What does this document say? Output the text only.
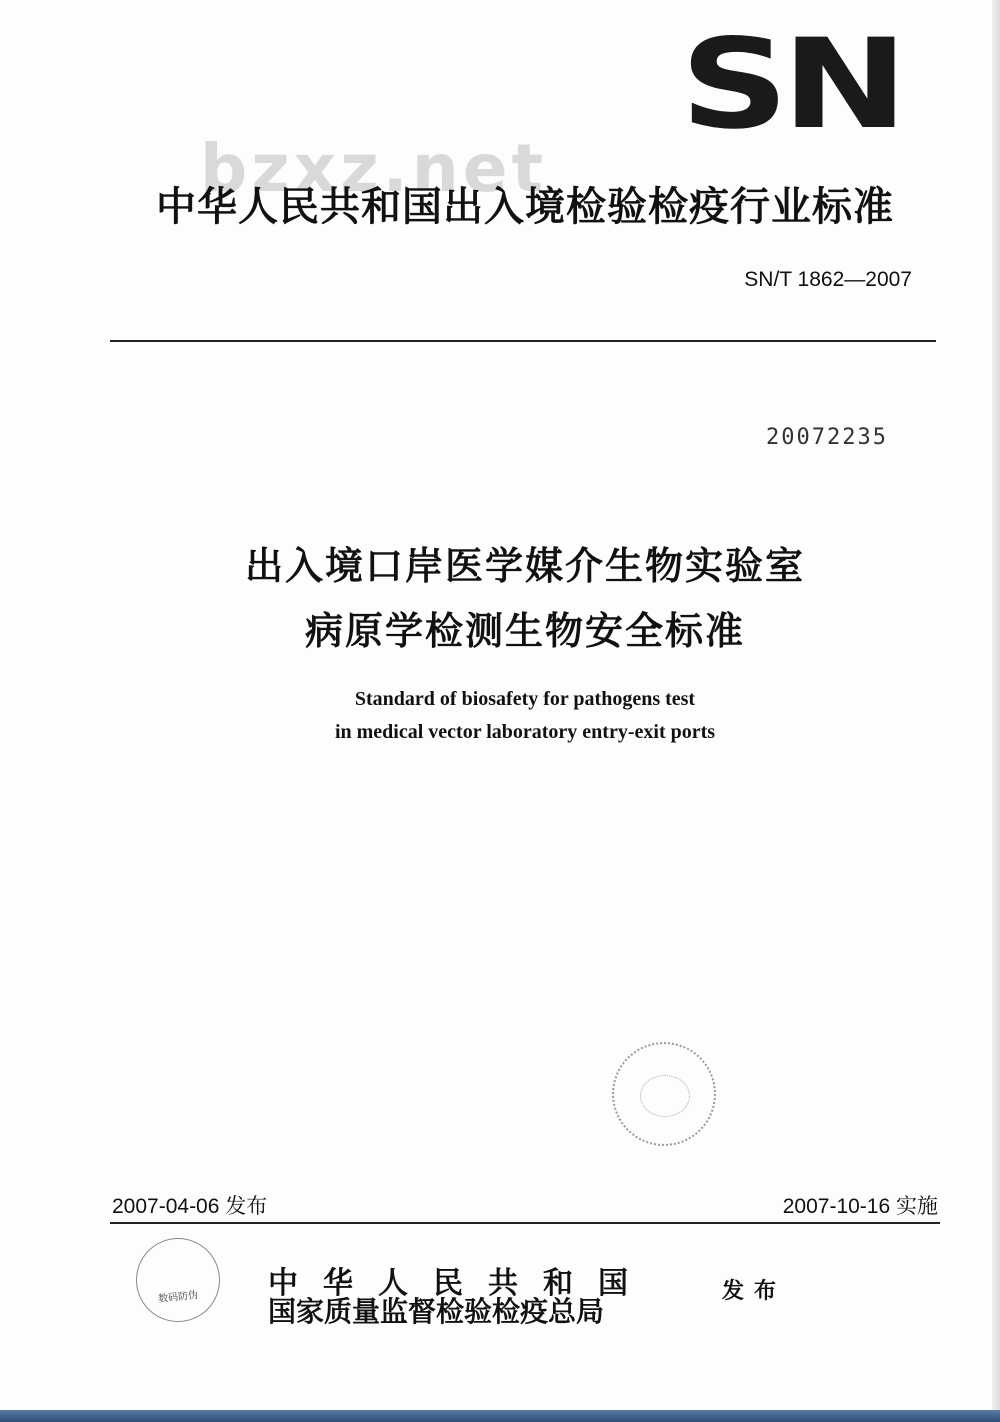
bzxz.net
SN
中华人民共和国出入境检验检疫行业标准
SN/T 1862—2007
20072235
出入境口岸医学媒介生物实验室
病原学检测生物安全标准
Standard of biosafety for pathogens test
in medical vector laboratory entry-exit ports
2007-04-06 发布	2007-10-16 实施
数码防伪 中华人民共和国
国家质量监督检验检疫总局
发布
